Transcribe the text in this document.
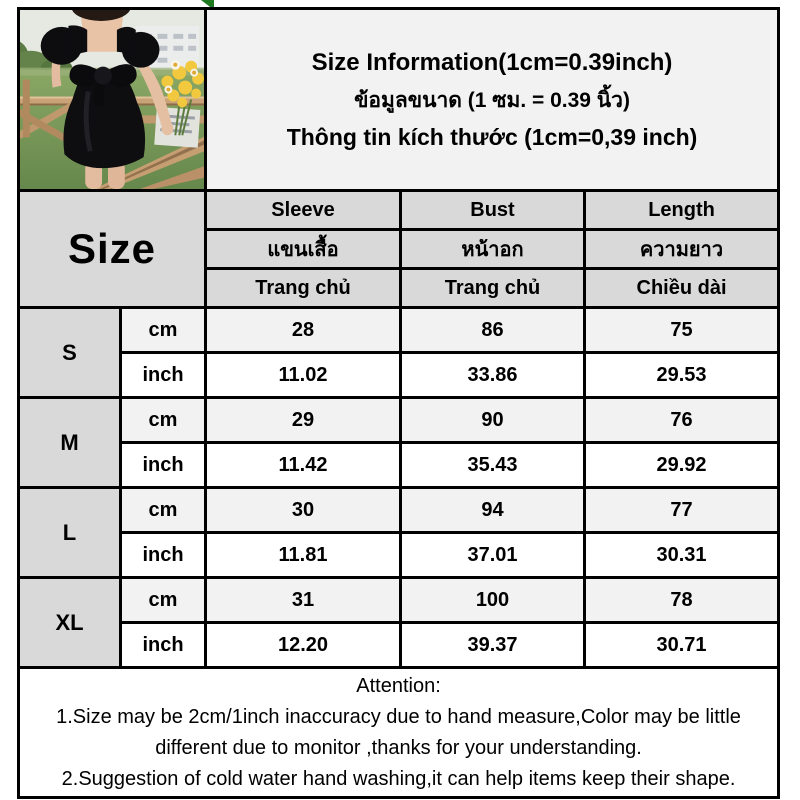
Size Information(1cm=0.39inch)
ข้อมูลขนาด (1 ซม. = 0.39 นิ้ว)
Thông tin kích thước (1cm=0,39 inch)		

Size		Sleeve	Bust	Length
		แขนเสื้อ	หน้าอก	ความยาว
		Trang chủ	Trang chủ	Chiều dài
S	cm	28	86	75
	inch	11.02	33.86	29.53
M	cm	29	90	76
	inch	11.42	35.43	29.92
L	cm	30	94	77
	inch	11.81	37.01	30.31
XL	cm	31	100	78
	inch	12.20	39.37	30.71

Attention:
1.Size may be 2cm/1inch inaccuracy due to hand measure,Color may be little different due to monitor ,thanks for your understanding.
2.Suggestion of cold water hand washing,it can help items keep their shape.				
